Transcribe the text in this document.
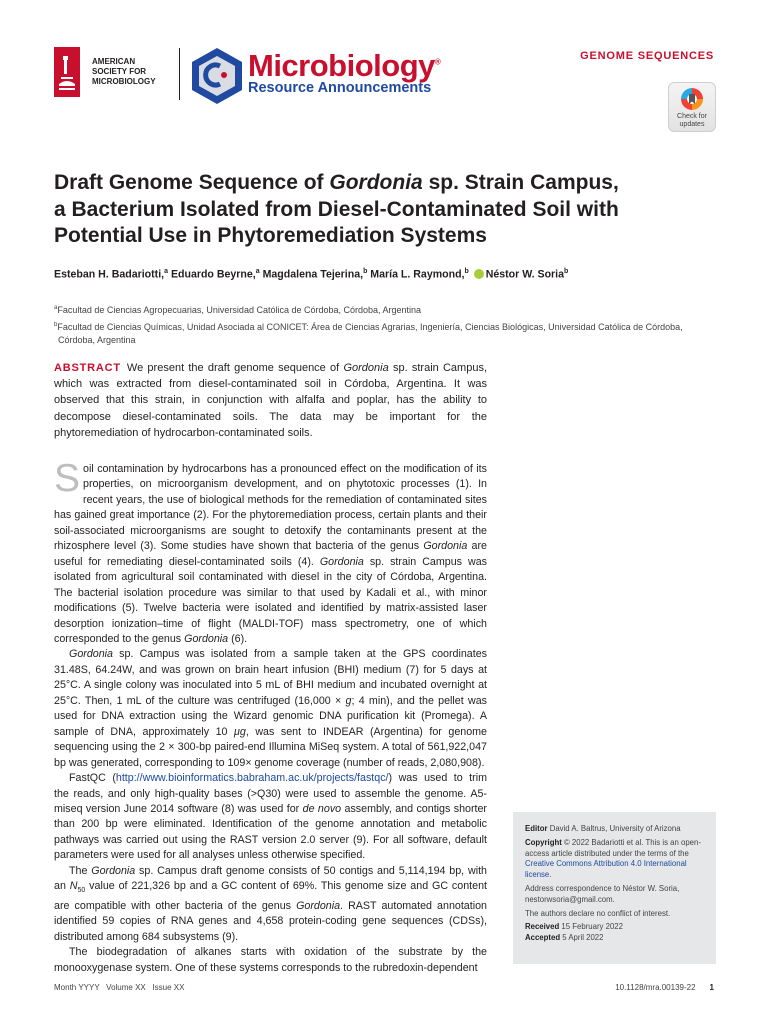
AMERICAN
SOCIETY FOR
MICROBIOLOGY	Microbiology®
Resource Announcements
GENOME SEQUENCES
Check for
updates
Draft Genome Sequence of Gordonia sp. Strain Campus,
a Bacterium Isolated from Diesel-Contaminated Soil with
Potential Use in Phytoremediation Systems
Esteban H. Badariotti,$^a$ Eduardo Beyrne,$^a$ Magdalena Tejerina,$^b$ María L. Raymond,$^b$ Néstor W. Soria$^b$
$^a$Facultad de Ciencias Agropecuarias, Universidad Católica de Córdoba, Córdoba, Argentina
$^b$Facultad de Ciencias Químicas, Unidad Asociada al CONICET: Área de Ciencias Agrarias, Ingeniería, Ciencias Biológicas, Universidad Católica de Córdoba,
Córdoba, Argentina
ABSTRACT We present the draft genome sequence of Gordonia sp. strain Campus, which was extracted from diesel-contaminated soil in Córdoba, Argentina. It was observed that this strain, in conjunction with alfalfa and poplar, has the ability to decompose diesel-contaminated soils. The data may be important for the phytoremediation of hydrocarbon-contaminated soils.

Soil contamination by hydrocarbons has a pronounced effect on the modification of its properties, on microorganism development, and on phytotoxic processes (1). In recent years, the use of biological methods for the remediation of contaminated sites has gained great importance (2). For the phytoremediation process, certain plants and their soil-associated microorganisms are sought to detoxify the contaminants present at the rhizosphere level (3). Some studies have shown that bacteria of the genus Gordonia are useful for remediating diesel-contaminated soils (4). Gordonia sp. strain Campus was isolated from agricultural soil contaminated with diesel in the city of Córdoba, Argentina. The bacterial isolation procedure was similar to that used by Kadali et al., with minor modifications (5). Twelve bacteria were isolated and identified by matrix-assisted laser desorption ionization–time of flight (MALDI-TOF) mass spectrometry, one of which corresponded to the genus Gordonia (6).

Gordonia sp. Campus was isolated from a sample taken at the GPS coordinates 31.48S, 64.24W, and was grown on brain heart infusion (BHI) medium (7) for 5 days at 25°C. A single colony was inoculated into 5 mL of BHI medium and incubated overnight at 25°C. Then, 1 mL of the culture was centrifuged (16,000 × g; 4 min), and the pellet was used for DNA extraction using the Wizard genomic DNA purification kit (Promega). A sample of DNA, approximately 10 μg, was sent to INDEAR (Argentina) for genome sequencing using the 2 × 300-bp paired-end Illumina MiSeq system. A total of 561,922,047 bp was generated, corresponding to 109× genome coverage (number of reads, 2,080,908).

FastQC (http://www.bioinformatics.babraham.ac.uk/projects/fastqc/) was used to trim the reads, and only high-quality bases (>Q30) were used to assemble the genome. A5-miseq version June 2014 software (8) was used for de novo assembly, and contigs shorter than 200 bp were eliminated. Identification of the genome annotation and metabolic pathways was carried out using the RAST version 2.0 server (9). For all software, default parameters were used for all analyses unless otherwise specified.

The Gordonia sp. Campus draft genome consists of 50 contigs and 5,114,194 bp, with an $N_{50}$ value of 221,326 bp and a GC content of 69%. This genome size and GC content are compatible with other bacteria of the genus Gordonia. RAST automated annotation identified 59 copies of RNA genes and 4,658 protein-coding gene sequences (CDSs), distributed among 684 subsystems (9).

The biodegradation of alkanes starts with oxidation of the substrate by the monooxygenase system. One of these systems corresponds to the rubredoxin-dependent

Editor David A. Baltrus, University of Arizona

Copyright © 2022 Badariotti et al. This is an open-access article distributed under the terms of the Creative Commons Attribution 4.0 International license.

Address correspondence to Néstor W. Soria, nestorwsoria@gmail.com.

The authors declare no conflict of interest.

Received 15 February 2022

Accepted 5 April 2022

Month YYYY   Volume XX   Issue XX	10.1128/mra.00139-22 1
